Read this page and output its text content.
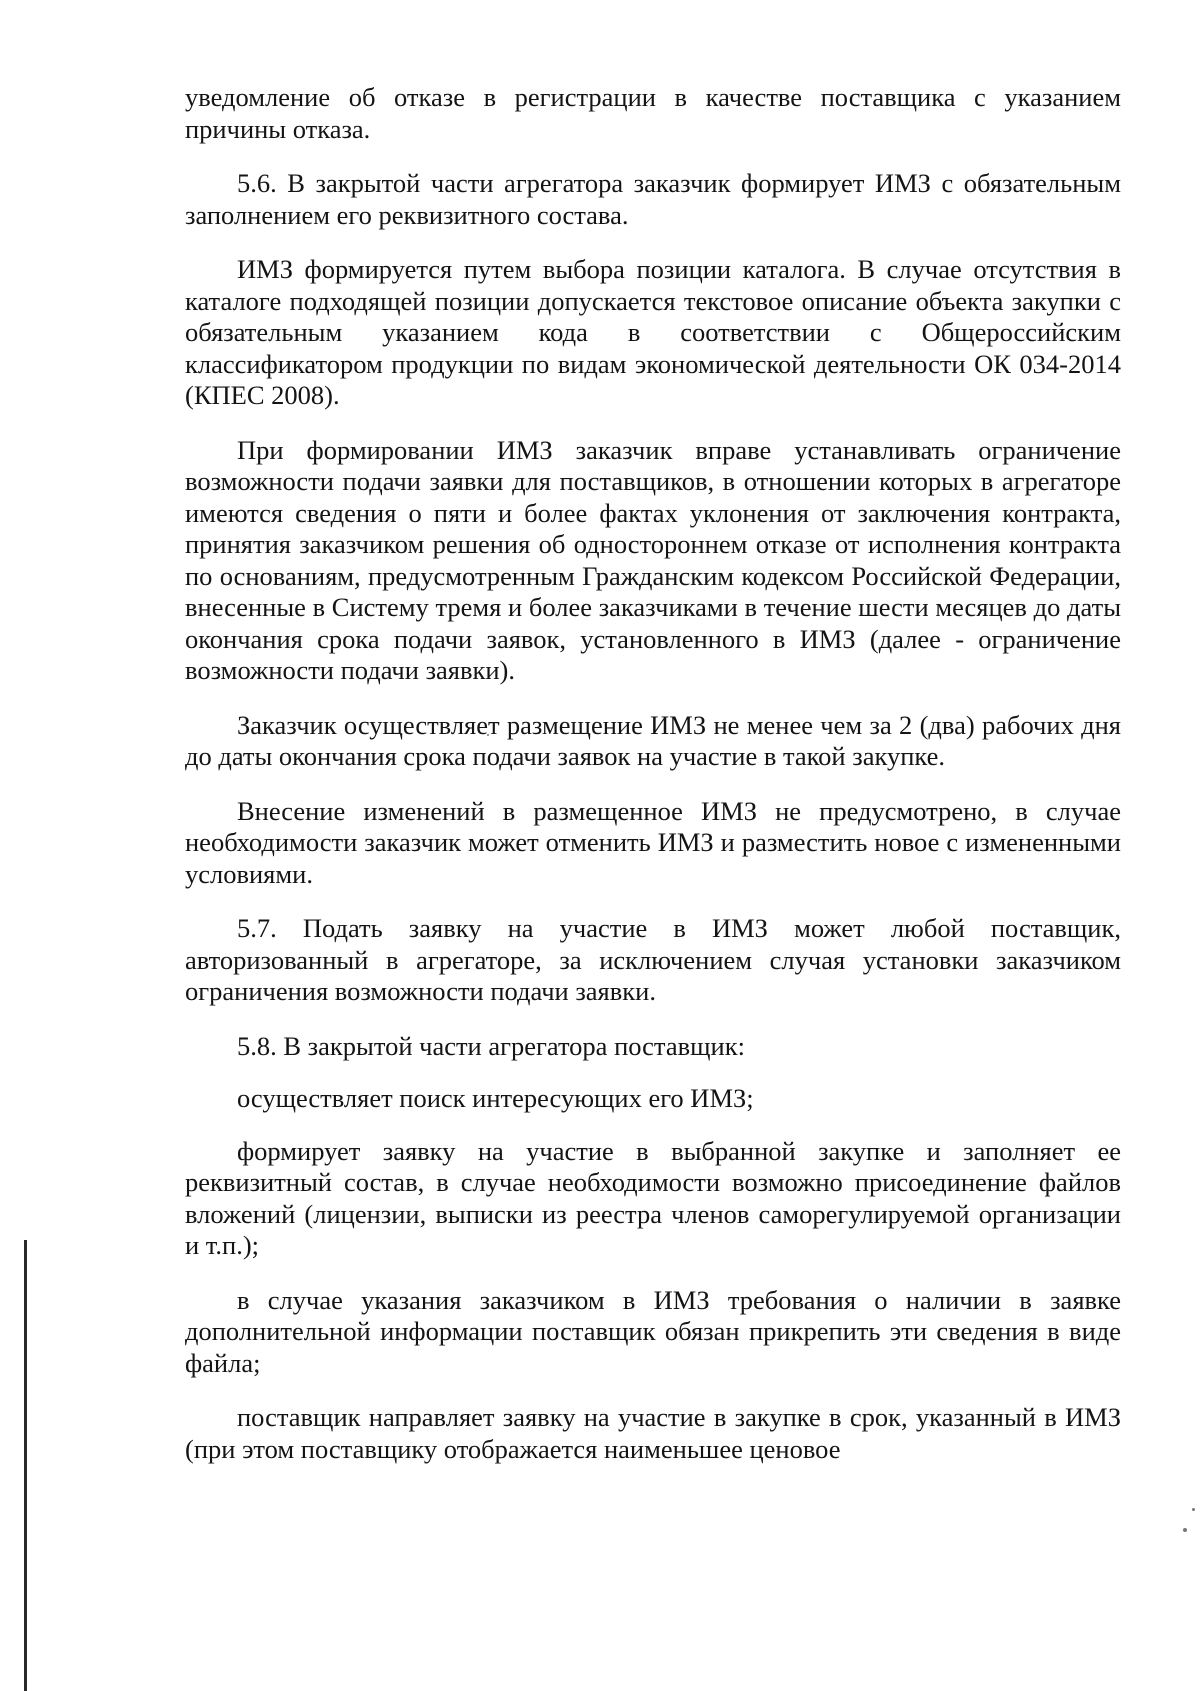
уведомление об отказе в регистрации в качестве поставщика с указанием причины отказа.

5.6. В закрытой части агрегатора заказчик формирует ИМЗ с обязательным заполнением его реквизитного состава.

ИМЗ формируется путем выбора позиции каталога. В случае отсутствия в каталоге подходящей позиции допускается текстовое описание объекта закупки с обязательным указанием кода в соответствии с Общероссийским классификатором продукции по видам экономической деятельности ОК 034-2014 (КПЕС 2008).

При формировании ИМЗ заказчик вправе устанавливать ограничение возможности подачи заявки для поставщиков, в отношении которых в агрегаторе имеются сведения о пяти и более фактах уклонения от заключения контракта, принятия заказчиком решения об одностороннем отказе от исполнения контракта по основаниям, предусмотренным Гражданским кодексом Российской Федерации, внесенные в Систему тремя и более заказчиками в течение шести месяцев до даты окончания срока подачи заявок, установленного в ИМЗ (далее - ограничение возможности подачи заявки).

Заказчик осуществляет размещение ИМЗ не менее чем за 2 (два) рабочих дня до даты окончания срока подачи заявок на участие в такой закупке.

Внесение изменений в размещенное ИМЗ не предусмотрено, в случае необходимости заказчик может отменить ИМЗ и разместить новое с измененными условиями.

5.7. Подать заявку на участие в ИМЗ может любой поставщик, авторизованный в агрегаторе, за исключением случая установки заказчиком ограничения возможности подачи заявки.

5.8. В закрытой части агрегатора поставщик:

осуществляет поиск интересующих его ИМЗ;

формирует заявку на участие в выбранной закупке и заполняет ее реквизитный состав, в случае необходимости возможно присоединение файлов вложений (лицензии, выписки из реестра членов саморегулируемой организации и т.п.);

в случае указания заказчиком в ИМЗ требования о наличии в заявке дополнительной информации поставщик обязан прикрепить эти сведения в виде файла;

поставщик направляет заявку на участие в закупке в срок, указанный в ИМЗ (при этом поставщику отображается наименьшее ценовое
